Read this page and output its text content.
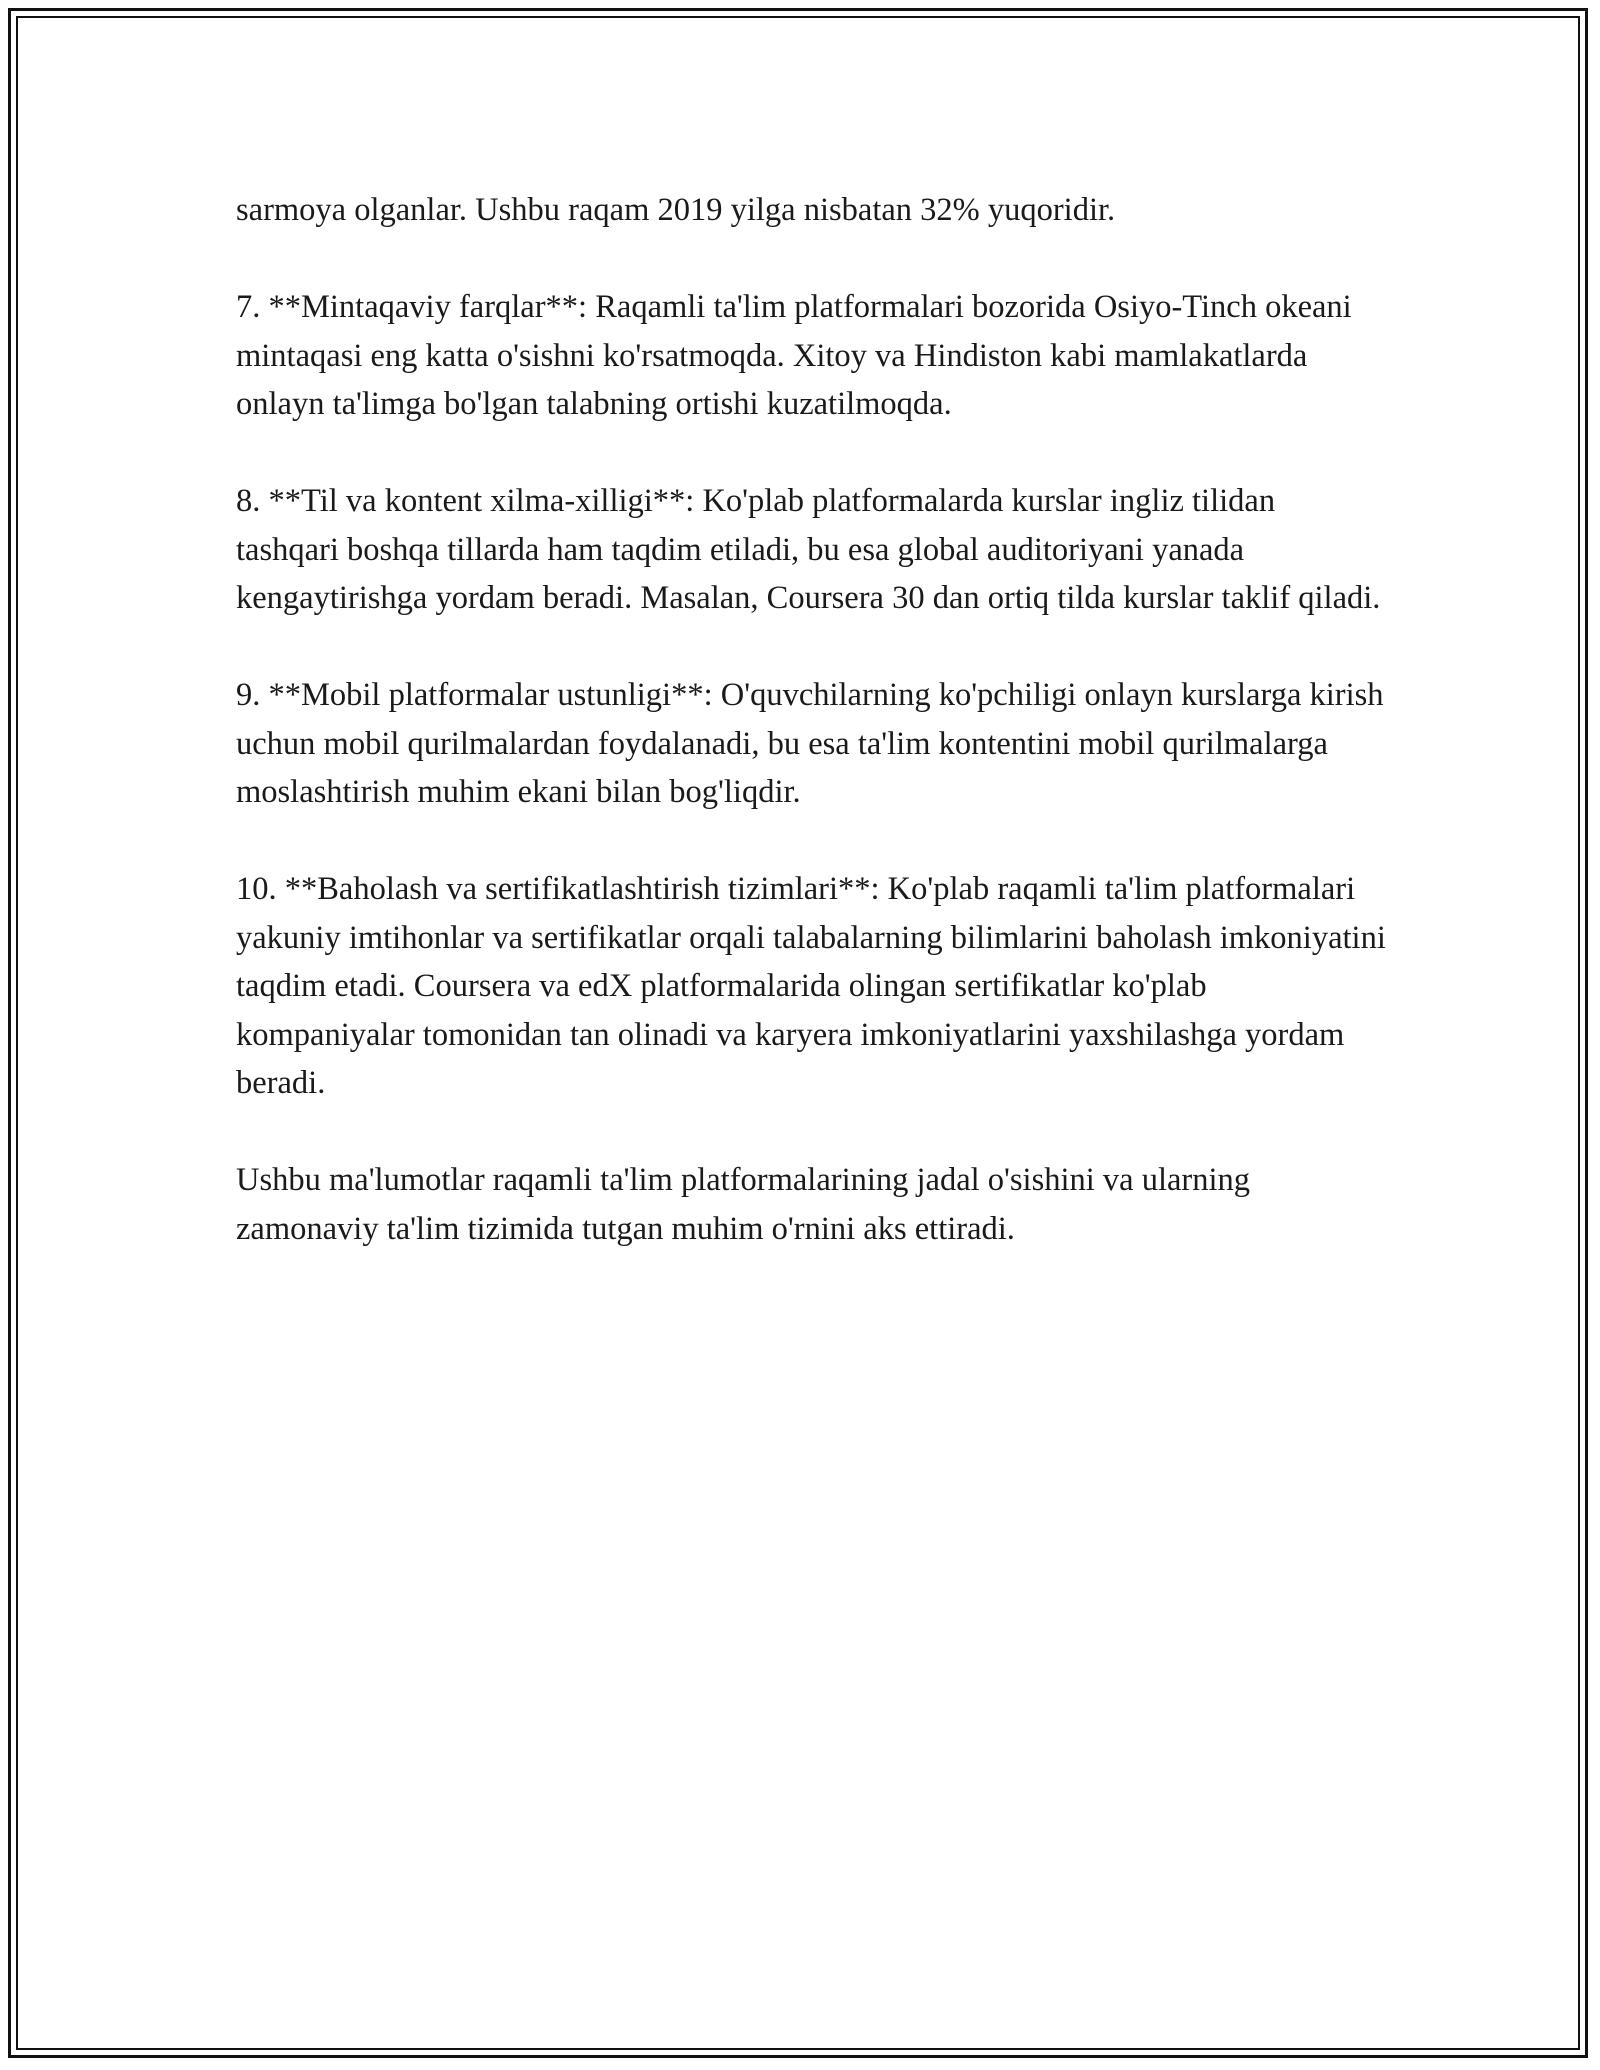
sarmoya olganlar. Ushbu raqam 2019 yilga nisbatan 32% yuqoridir.

7. **Mintaqaviy farqlar**: Raqamli ta'lim platformalari bozorida Osiyo-Tinch okeani mintaqasi eng katta o'sishni ko'rsatmoqda. Xitoy va Hindiston kabi mamlakatlarda onlayn ta'limga bo'lgan talabning ortishi kuzatilmoqda.

8. **Til va kontent xilma-xilligi**: Ko'plab platformalarda kurslar ingliz tilidan tashqari boshqa tillarda ham taqdim etiladi, bu esa global auditoriyani yanada kengaytirishga yordam beradi. Masalan, Coursera 30 dan ortiq tilda kurslar taklif qiladi.

9. **Mobil platformalar ustunligi**: O'quvchilarning ko'pchiligi onlayn kurslarga kirish uchun mobil qurilmalardan foydalanadi, bu esa ta'lim kontentini mobil qurilmalarga moslashtirish muhim ekani bilan bog'liqdir.

10. **Baholash va sertifikatlashtirish tizimlari**: Ko'plab raqamli ta'lim platformalari yakuniy imtihonlar va sertifikatlar orqali talabalarning bilimlarini baholash imkoniyatini taqdim etadi. Coursera va edX platformalarida olingan sertifikatlar ko'plab kompaniyalar tomonidan tan olinadi va karyera imkoniyatlarini yaxshilashga yordam beradi.

Ushbu ma'lumotlar raqamli ta'lim platformalarining jadal o'sishini va ularning zamonaviy ta'lim tizimida tutgan muhim o'rnini aks ettiradi.
